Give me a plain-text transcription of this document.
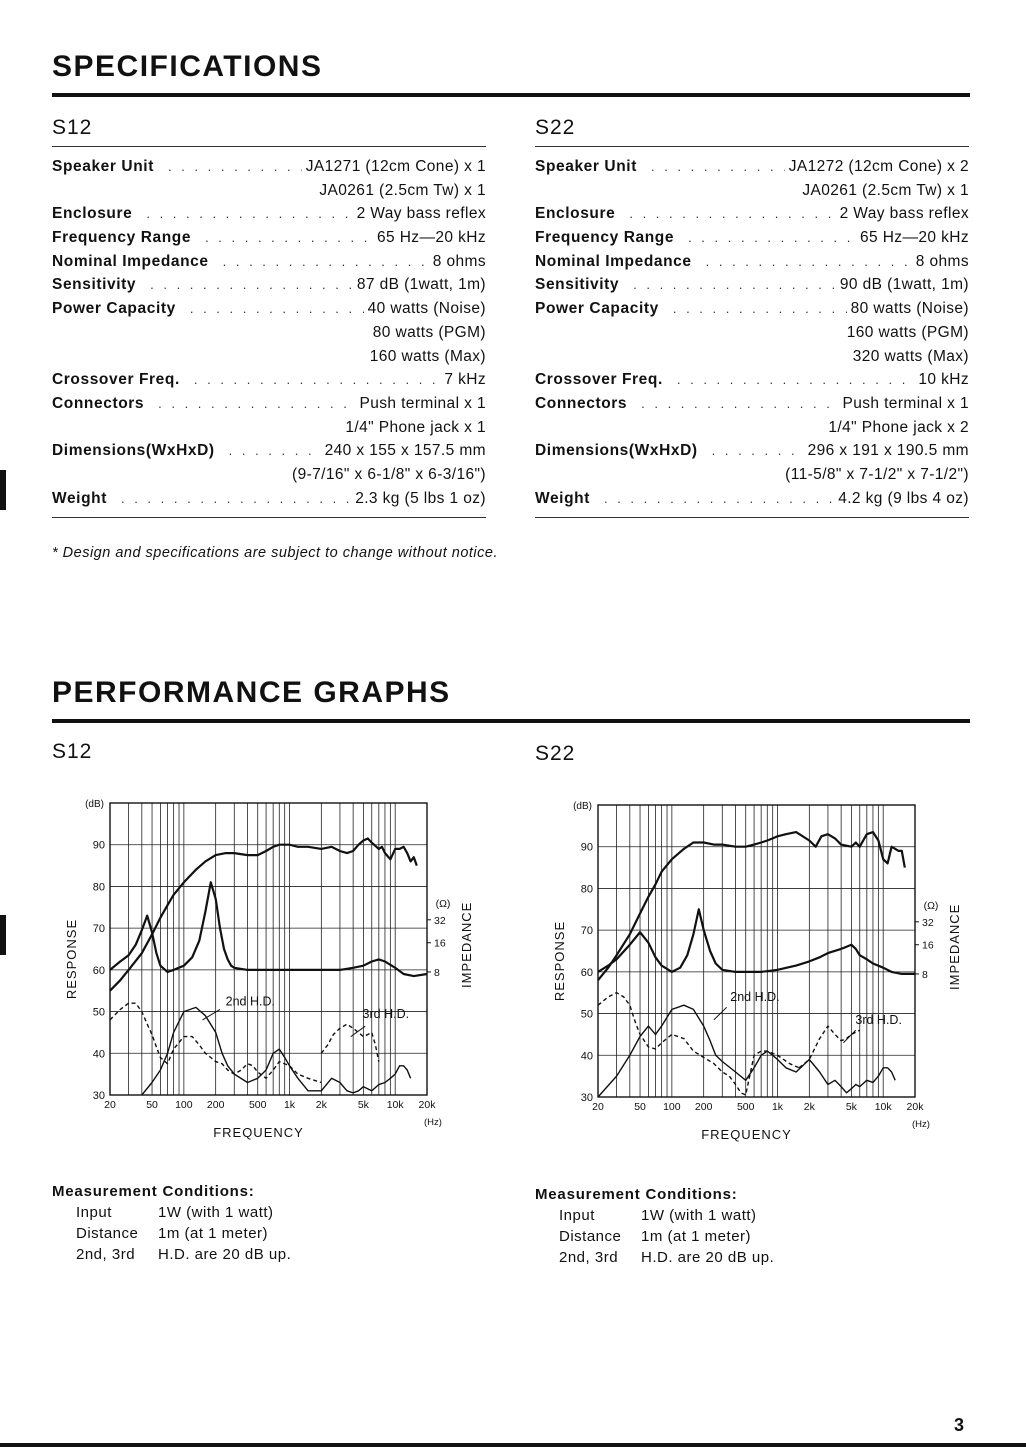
SPECIFICATIONS
S12	S22
Speaker Unit . . .	JA1271 (12cm Cone) x 1
JA0261 (2.5cm Tw) x 1
Enclosure . . .	2 Way bass reflex
Frequency Range . . .	65 Hz—20 kHz
Nominal Impedance . . .	8 ohms
Sensitivity . . .	87 dB (1watt, 1m)
Power Capacity . . .	40 watts (Noise)
80 watts (PGM)
160 watts (Max)
Crossover Freq. . . .	7 kHz
Connectors . . .	Push terminal x 1
1/4" Phone jack x 1
Dimensions(WxHxD) . . .	240 x 155 x 157.5 mm
(9-7/16" x 6-1/8" x 6-3/16")
Weight . . .	2.3 kg (5 lbs 1 oz)
Speaker Unit . . .	JA1272 (12cm Cone) x 2
JA0261 (2.5cm Tw) x 1
Enclosure . . .	2 Way bass reflex
Frequency Range . . .	65 Hz—20 kHz
Nominal Impedance . . .	8 ohms
Sensitivity . . .	90 dB (1watt, 1m)
Power Capacity . . .	80 watts (Noise)
160 watts (PGM)
320 watts (Max)
Crossover Freq. . . .	10 kHz
Connectors . . .	Push terminal x 1
1/4" Phone jack x 2
Dimensions(WxHxD) . . .	296 x 191 x 190.5 mm
(11-5/8" x 7-1/2" x 7-1/2")
Weight . . .	4.2 kg (9 lbs 4 oz)
* Design and specifications are subject to change without notice.
PERFORMANCE GRAPHS
S12	S22
30
40
50
60
70
80
90
(dB)
20	50 100 200 500 1k 2k	5k 10k 20k
(Hz)
FREQUENCY
RESPONSE
(Ω)
32
16
8 IMPEDANCE
2nd H.D.
3rd H.D.
30
40
50
60
70
80
90
(dB)
20	50 100 200 500 1k 2k	5k 10k 20k
(Hz)
FREQUENCY
RESPONSE
(Ω)
32
16
8 IMPEDANCE
2nd H.D.
3rd H.D.
Measurement Conditions:
Input	1W (with 1 watt)
Distance	1m (at 1 meter)
2nd, 3rd	H.D. are 20 dB up.
Measurement Conditions:
Input	1W (with 1 watt)
Distance	1m (at 1 meter)
2nd, 3rd	H.D. are 20 dB up.
3
